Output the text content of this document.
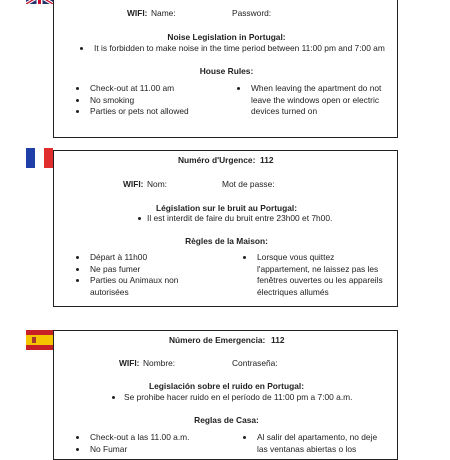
WIFI: Name:	Password:
Noise Legislation in Portugal:
It is forbidden to make noise in the time period between 11:00 pm and 7:00 am
House Rules:
Check-out at 11.00 am
No smoking
Parties or pets not allowed
When leaving the apartment do not leave the windows open or electric devices turned on
Numéro d'Urgence: 112
WIFI: Nom:	Mot de passe:
Législation sur le bruit au Portugal:
Il est interdit de faire du bruit entre 23h00 et 7h00.
Règles de la Maison:
Départ à 11h00
Ne pas fumer
Parties ou Animaux non autorisées
Lorsque vous quittez l'appartement, ne laissez pas les fenêtres ouvertes ou les appareils électriques allumés
Número de Emergencia: 112
WIFI: Nombre:	Contraseña:
Legislación sobre el ruido en Portugal:
Se prohibe hacer ruido en el período de 11:00 pm a 7:00 a.m.
Reglas de Casa:
Check-out a las 11.00 a.m.
No Fumar
Al salir del apartamento, no deje las ventanas abiertas o los
